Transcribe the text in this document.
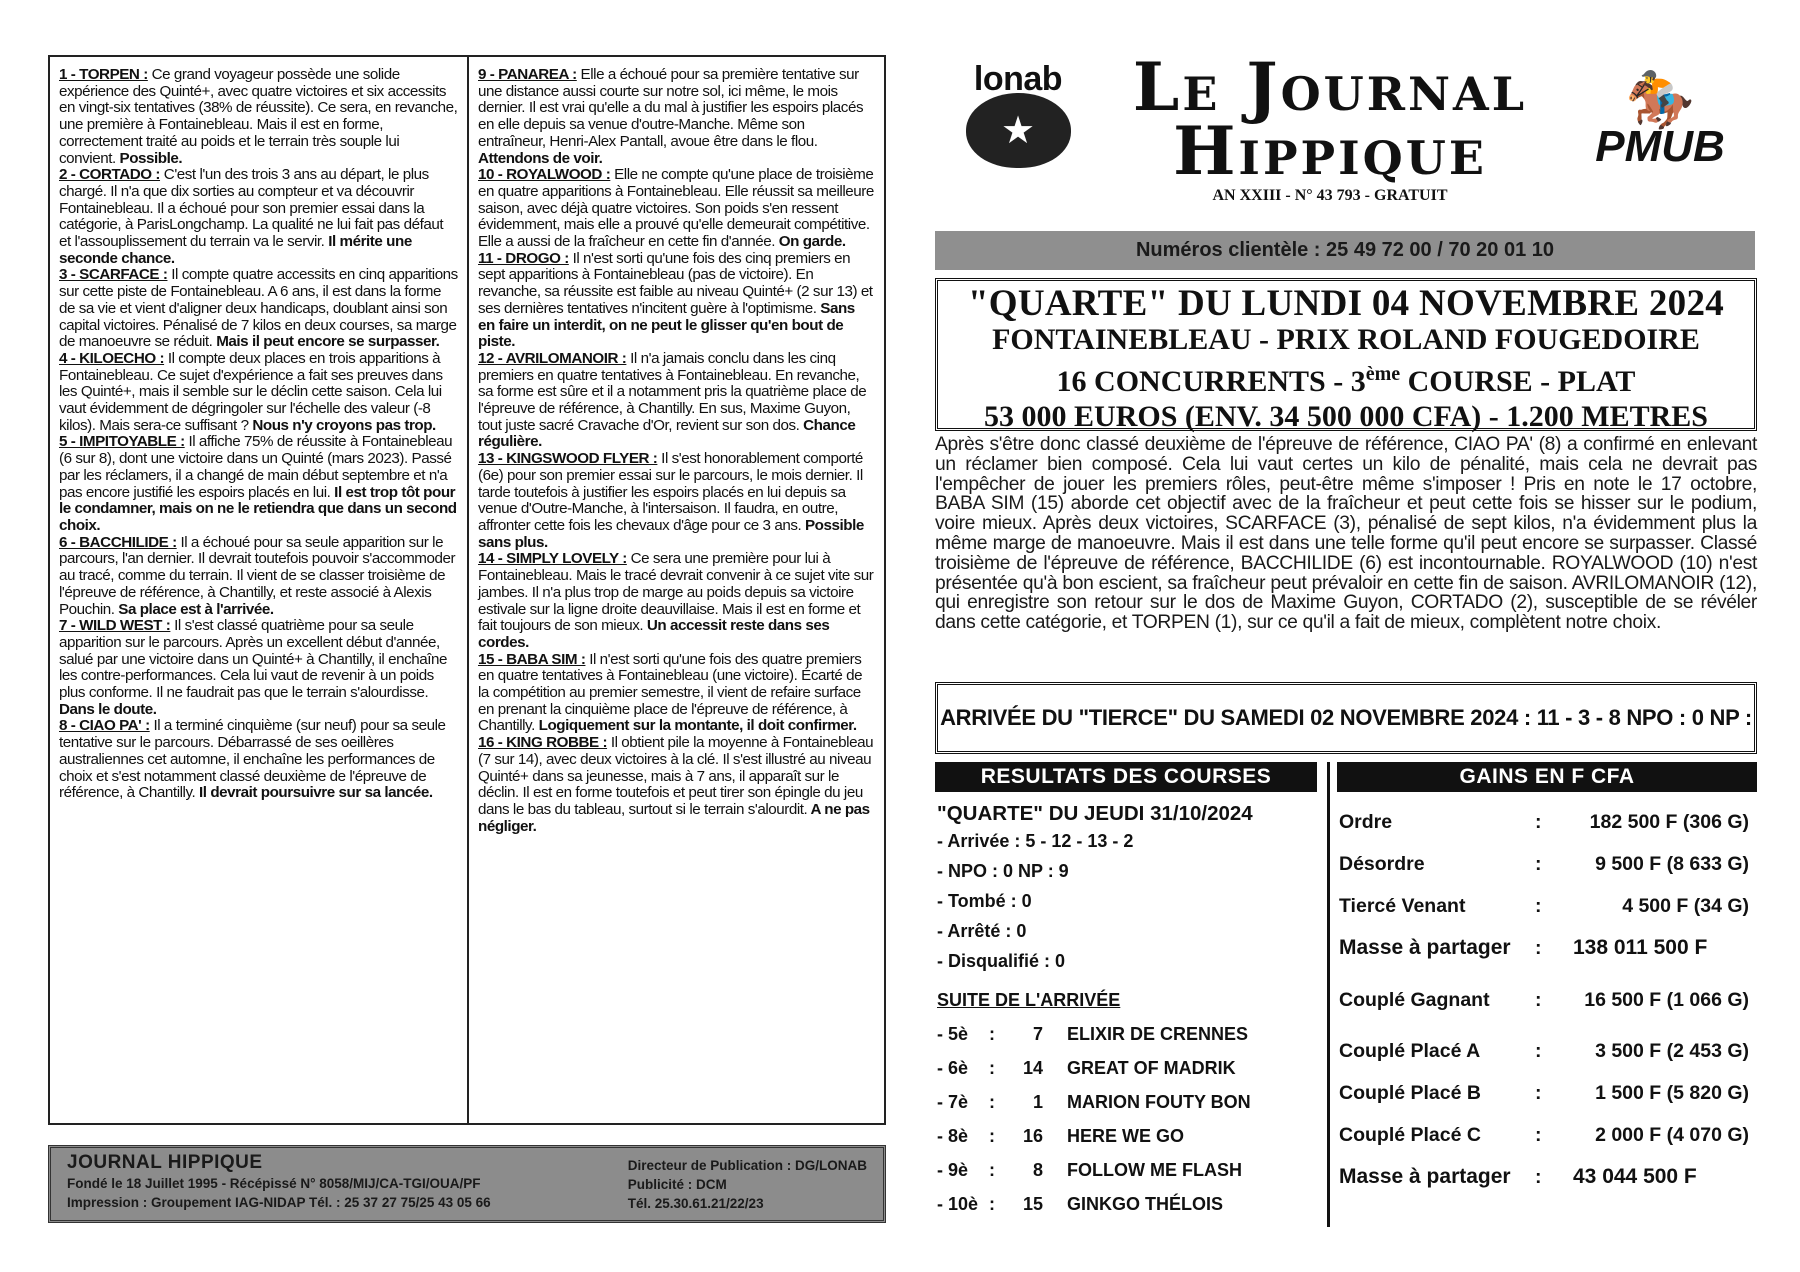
1 - TORPEN : Ce grand voyageur possède une solide expérience des Quinté+, avec quatre victoires et six accessits en vingt-six tentatives (38% de réussite). Ce sera, en revanche, une première à Fontainebleau. Mais il est en forme, correctement traité au poids et le terrain très souple lui convient. Possible.

2 - CORTADO : C'est l'un des trois 3 ans au départ, le plus chargé. Il n'a que dix sorties au compteur et va découvrir Fontainebleau. Il a échoué pour son premier essai dans la catégorie, à ParisLongchamp. La qualité ne lui fait pas défaut et l'assouplissement du terrain va le servir. Il mérite une seconde chance.

3 - SCARFACE : Il compte quatre accessits en cinq apparitions sur cette piste de Fontainebleau. A 6 ans, il est dans la forme de sa vie et vient d'aligner deux handicaps, doublant ainsi son capital victoires. Pénalisé de 7 kilos en deux courses, sa marge de manoeuvre se réduit. Mais il peut encore se surpasser.

4 - KILOECHO : Il compte deux places en trois apparitions à Fontainebleau. Ce sujet d'expérience a fait ses preuves dans les Quinté+, mais il semble sur le déclin cette saison. Cela lui vaut évidemment de dégringoler sur l'échelle des valeur (-8 kilos). Mais sera-ce suffisant ? Nous n'y croyons pas trop.

5 - IMPITOYABLE : Il affiche 75% de réussite à Fontainebleau (6 sur 8), dont une victoire dans un Quinté (mars 2023). Passé par les réclamers, il a changé de main début septembre et n'a pas encore justifié les espoirs placés en lui. Il est trop tôt pour le condamner, mais on ne le retiendra que dans un second choix.

6 - BACCHILIDE : Il a échoué pour sa seule apparition sur le parcours, l'an dernier. Il devrait toutefois pouvoir s'accommoder au tracé, comme du terrain. Il vient de se classer troisième de l'épreuve de référence, à Chantilly, et reste associé à Alexis Pouchin. Sa place est à l'arrivée.

7 - WILD WEST : Il s'est classé quatrième pour sa seule apparition sur le parcours. Après un excellent début d'année, salué par une victoire dans un Quinté+ à Chantilly, il enchaîne les contre-performances. Cela lui vaut de revenir à un poids plus conforme. Il ne faudrait pas que le terrain s'alourdisse. Dans le doute.

8 - CIAO PA' : Il a terminé cinquième (sur neuf) pour sa seule tentative sur le parcours. Débarrassé de ses oeillères australiennes cet automne, il enchaîne les performances de choix et s'est notamment classé deuxième de l'épreuve de référence, à Chantilly. Il devrait poursuivre sur sa lancée.

9 - PANAREA : Elle a échoué pour sa première tentative sur une distance aussi courte sur notre sol, ici même, le mois dernier. Il est vrai qu'elle a du mal à justifier les espoirs placés en elle depuis sa venue d'outre-Manche. Même son entraîneur, Henri-Alex Pantall, avoue être dans le flou. Attendons de voir.

10 - ROYALWOOD : Elle ne compte qu'une place de troisième en quatre apparitions à Fontainebleau. Elle réussit sa meilleure saison, avec déjà quatre victoires. Son poids s'en ressent évidemment, mais elle a prouvé qu'elle demeurait compétitive. Elle a aussi de la fraîcheur en cette fin d'année. On garde.

11 - DROGO : Il n'est sorti qu'une fois des cinq premiers en sept apparitions à Fontainebleau (pas de victoire). En revanche, sa réussite est faible au niveau Quinté+ (2 sur 13) et ses dernières tentatives n'incitent guère à l'optimisme. Sans en faire un interdit, on ne peut le glisser qu'en bout de piste.

12 - AVRILOMANOIR : Il n'a jamais conclu dans les cinq premiers en quatre tentatives à Fontainebleau. En revanche, sa forme est sûre et il a notamment pris la quatrième place de l'épreuve de référence, à Chantilly. En sus, Maxime Guyon, tout juste sacré Cravache d'Or, revient sur son dos. Chance régulière.

13 - KINGSWOOD FLYER : Il s'est honorablement comporté (6e) pour son premier essai sur le parcours, le mois dernier. Il tarde toutefois à justifier les espoirs placés en lui depuis sa venue d'Outre-Manche, à l'intersaison. Il faudra, en outre, affronter cette fois les chevaux d'âge pour ce 3 ans. Possible sans plus.

14 - SIMPLY LOVELY : Ce sera une première pour lui à Fontainebleau. Mais le tracé devrait convenir à ce sujet vite sur jambes. Il n'a plus trop de marge au poids depuis sa victoire estivale sur la ligne droite deauvillaise. Mais il est en forme et fait toujours de son mieux. Un accessit reste dans ses cordes.

15 - BABA SIM : Il n'est sorti qu'une fois des quatre premiers en quatre tentatives à Fontainebleau (une victoire). Écarté de la compétition au premier semestre, il vient de refaire surface en prenant la cinquième place de l'épreuve de référence, à Chantilly. Logiquement sur la montante, il doit confirmer.

16 - KING ROBBE : Il obtient pile la moyenne à Fontainebleau (7 sur 14), avec deux victoires à la clé. Il s'est illustré au niveau Quinté+ dans sa jeunesse, mais à 7 ans, il apparaît sur le déclin. Il est en forme toutefois et peut tirer son épingle du jeu dans le bas du tableau, surtout si le terrain s'alourdit. A ne pas négliger.

JOURNAL HIPPIQUE
Fondé le 18 Juillet 1995 - Récépissé N° 8058/MIJ/CA-TGI/OUA/PF
Impression : Groupement IAG-NIDAP Tél. : 25 37 27 75/25 43 05 66
Directeur de Publication : DG/LONAB
Publicité : DCM
Tél. 25.30.61.21/22/23
lonab
★
Le Journal
Hippique
AN XXIII - N° 43 793 - GRATUIT
🏇
PMUB
Numéros clientèle : 25 49 72 00 / 70 20 01 10
"QUARTE" DU LUNDI 04 NOVEMBRE 2024
FONTAINEBLEAU - PRIX ROLAND FOUGEDOIRE
16 CONCURRENTS - 3ème COURSE - PLAT
53 000 EUROS (ENV. 34 500 000 CFA) - 1.200 METRES
Après s'être donc classé deuxième de l'épreuve de référence, CIAO PA' (8) a confirmé en enlevant un réclamer bien composé. Cela lui vaut certes un kilo de pénalité, mais cela ne devrait pas l'empêcher de jouer les premiers rôles, peut-être même s'imposer ! Pris en note le 17 octobre, BABA SIM (15) aborde cet objectif avec de la fraîcheur et peut cette fois se hisser sur le podium, voire mieux. Après deux victoires, SCARFACE (3), pénalisé de sept kilos, n'a évidemment plus la même marge de manoeuvre. Mais il est dans une telle forme qu'il peut encore se surpasser. Classé troisième de l'épreuve de référence, BACCHILIDE (6) est incontournable. ROYALWOOD (10) n'est présentée qu'à bon escient, sa fraîcheur peut prévaloir en cette fin de saison. AVRILOMANOIR (12), qui enregistre son retour sur le dos de Maxime Guyon, CORTADO (2), susceptible de se révéler dans cette catégorie, et TORPEN (1), sur ce qu'il a fait de mieux, complètent notre choix.
ARRIVÉE DU "TIERCE" DU SAMEDI 02 NOVEMBRE 2024 : 11 - 3 - 8 NPO : 0 NP :
RESULTATS DES COURSES
"QUARTE" DU JEUDI 31/10/2024
- Arrivée : 5 - 12 - 13 - 2
- NPO : 0 NP : 9
- Tombé : 0
- Arrêté : 0
- Disqualifié : 0
SUITE DE L'ARRIVÉE
- 5è	:	7	ELIXIR DE CRENNES
- 6è	:	14	GREAT OF MADRIK
- 7è	:	1	MARION FOUTY BON
- 8è	:	16	HERE WE GO
- 9è	:	8	FOLLOW ME FLASH
- 10è :	15	GINKGO THÉLOIS
GAINS EN F CFA
Ordre	:	182 500 F (306 G)
Désordre	:	9 500 F (8 633 G)
Tiercé Venant	:	4 500 F (34 G)
Masse à partager	:	138 011 500 F
Couplé Gagnant	:	16 500 F (1 066 G)
Couplé Placé A	:	3 500 F (2 453 G)
Couplé Placé B	:	1 500 F (5 820 G)
Couplé Placé C	:	2 000 F (4 070 G)
Masse à partager	:	43 044 500 F
